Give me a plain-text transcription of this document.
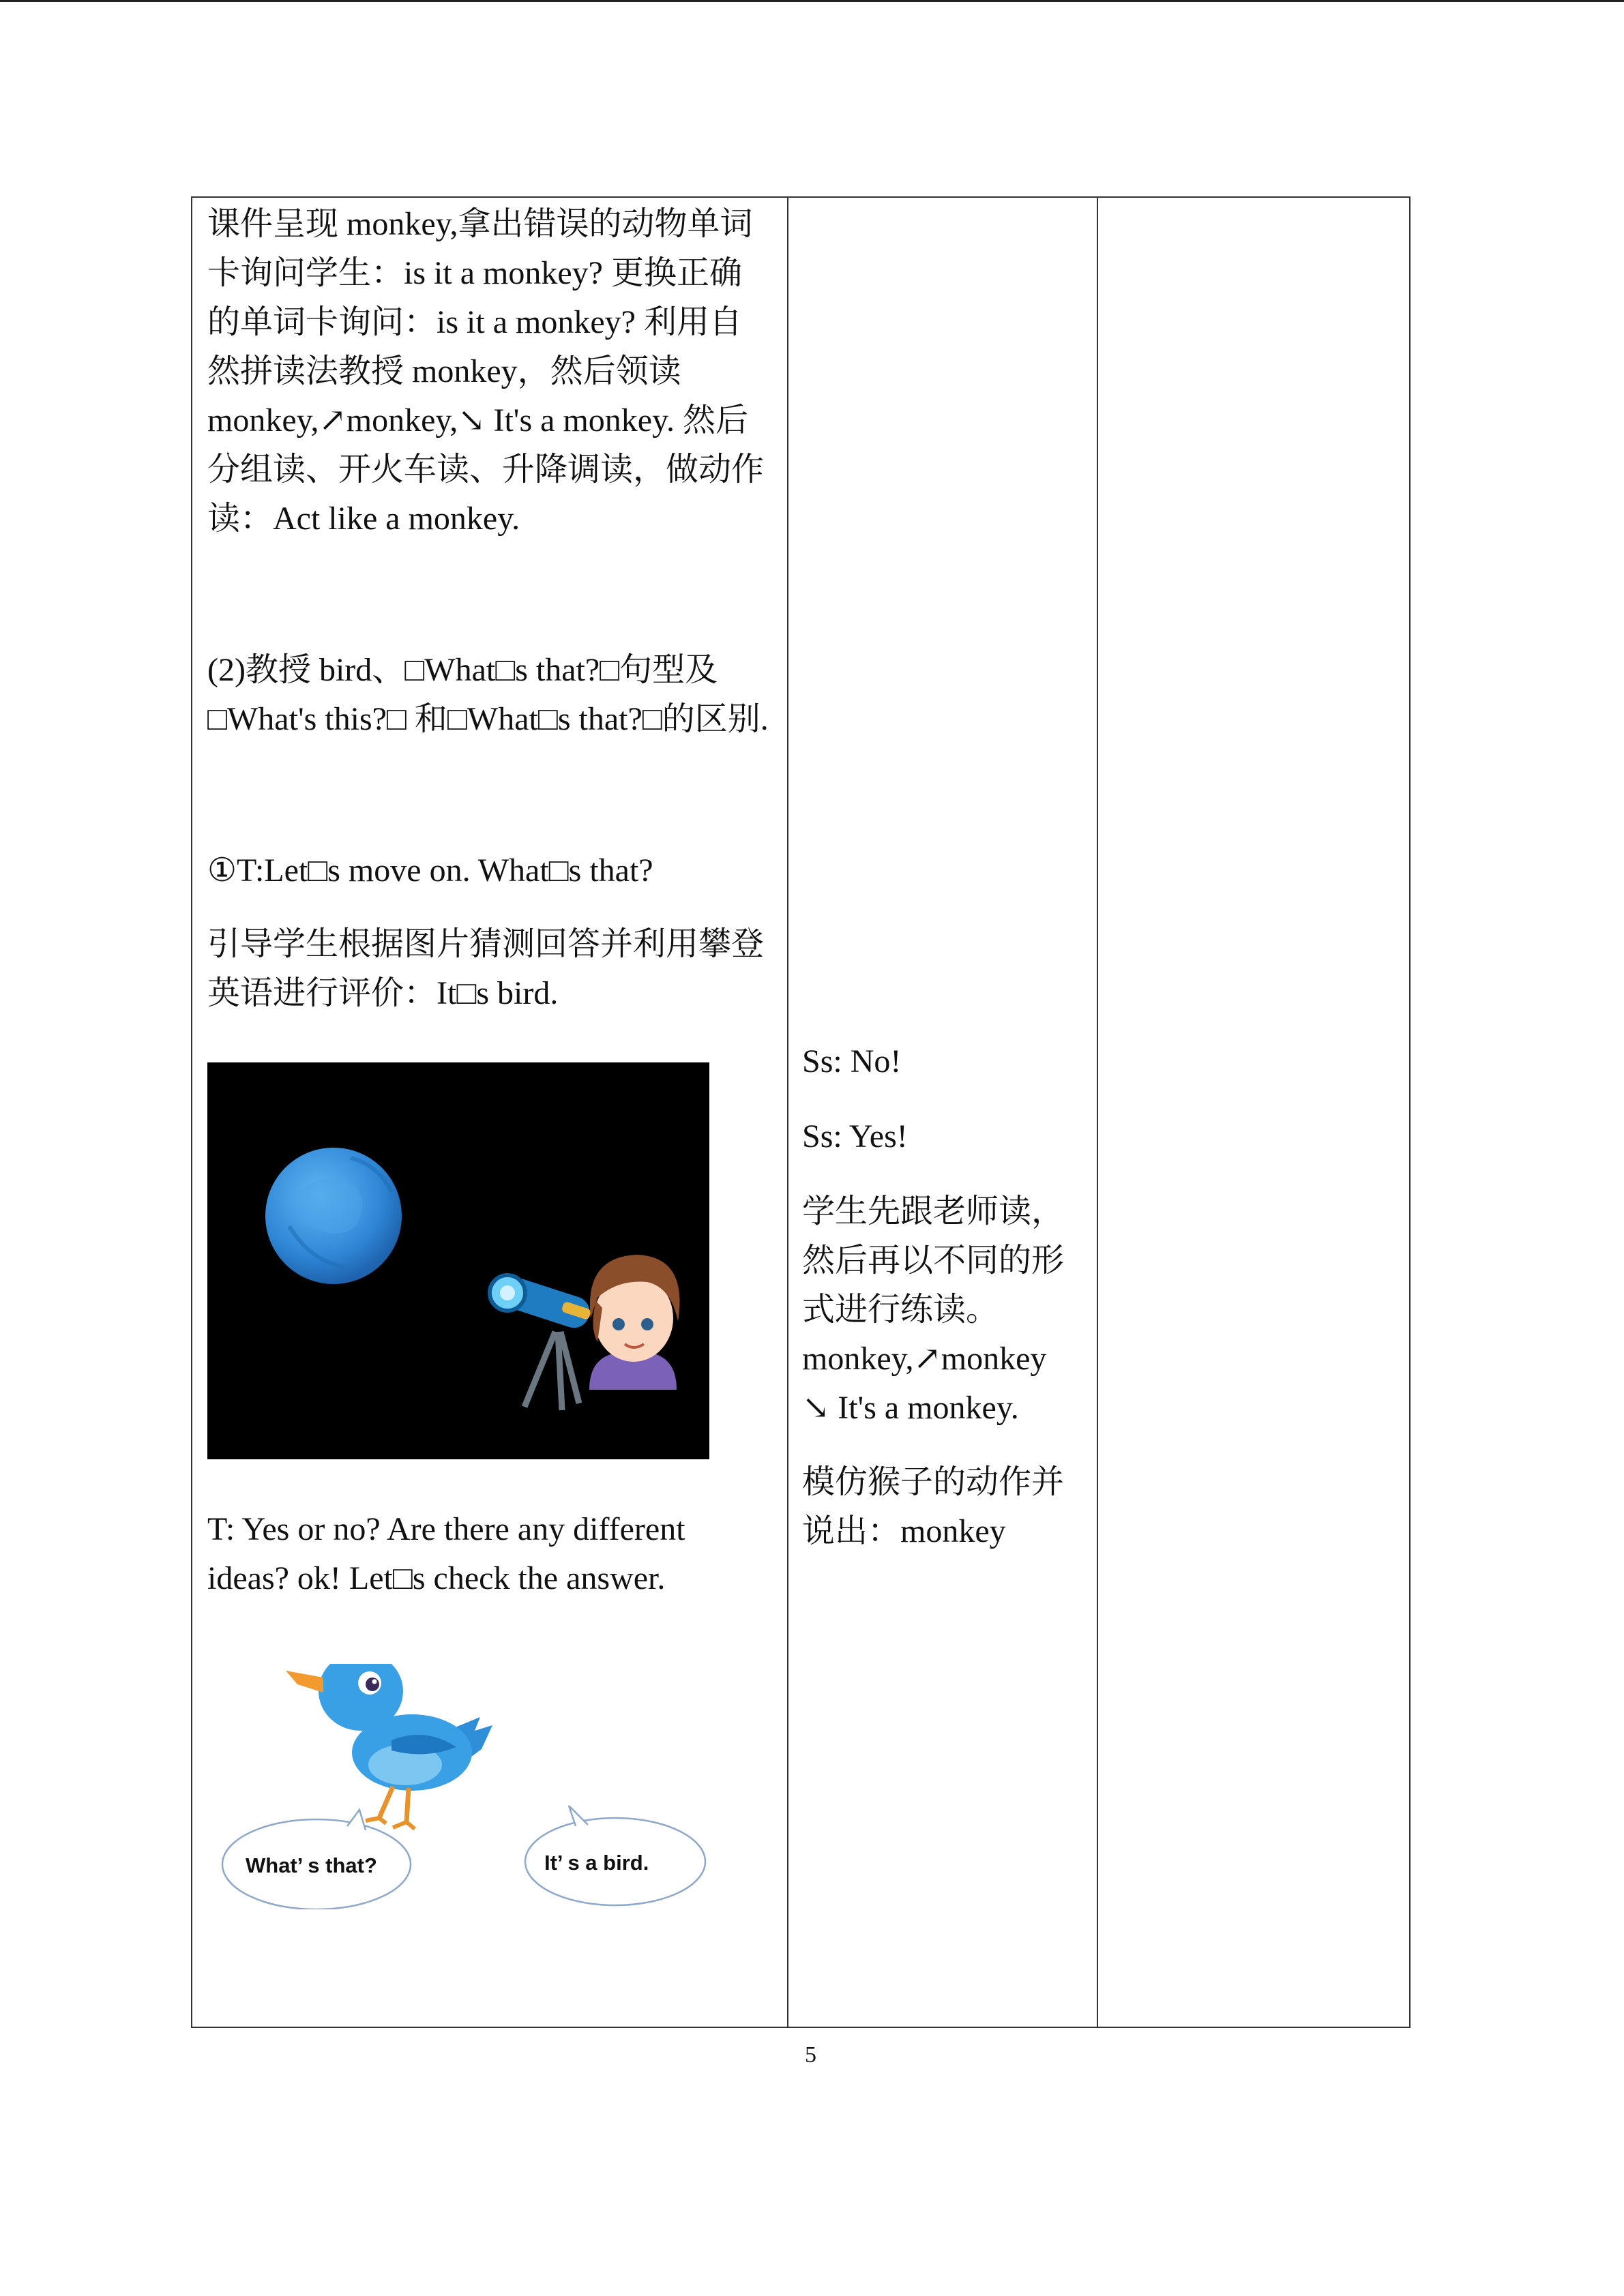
课件呈现 monkey,拿出错误的动物单词

卡询问学生：is it a monkey? 更换正确

的单词卡询问：is it a monkey? 利用自

然拼读法教授 monkey，然后领读

monkey,↗monkey,↘ It's a monkey. 然后

分组读、开火车读、升降调读，做动作

读：Act like a monkey.

(2)教授 bird、□What□s that?□句型及

□What's this?□ 和□What□s that?□的区别.

①T:Let□s move on. What□s that?

引导学生根据图片猜测回答并利用攀登

英语进行评价：It□s bird.

T: Yes or no? Are there any different

ideas? ok! Let□s check the answer.

What’ s that?	It’ s a bird.

Ss: No!

Ss: Yes!

学生先跟老师读，

然后再以不同的形

式进行练读。

monkey,↗monkey

↘ It's a monkey.

模仿猴子的动作并

说出：monkey

5
